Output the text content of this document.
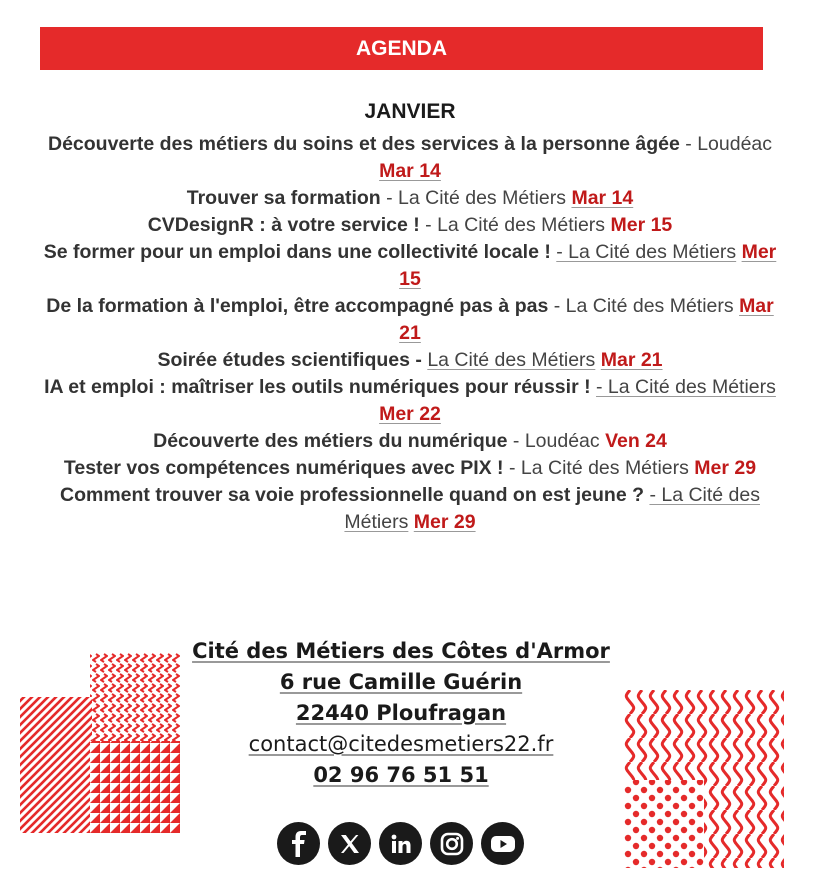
AGENDA
JANVIER
Découverte des métiers du soins et des services à la personne âgée - Loudéac Mar 14
Trouver sa formation - La Cité des Métiers Mar 14
CVDesignR : à votre service ! - La Cité des Métiers Mer 15
Se former pour un emploi dans une collectivité locale ! - La Cité des Métiers Mer 15
De la formation à l'emploi, être accompagné pas à pas - La Cité des Métiers Mar 21
Soirée études scientifiques - La Cité des Métiers Mar 21
IA et emploi : maîtriser les outils numériques pour réussir ! - La Cité des Métiers Mer 22
Découverte des métiers du numérique - Loudéac Ven 24
Tester vos compétences numériques avec PIX ! - La Cité des Métiers Mer 29
Comment trouver sa voie professionnelle quand on est jeune ? - La Cité des Métiers Mer 29
Cité des Métiers des Côtes d'Armor
6 rue Camille Guérin
22440 Ploufragan
contact@citedesmetiers22.fr
02 96 76 51 51
